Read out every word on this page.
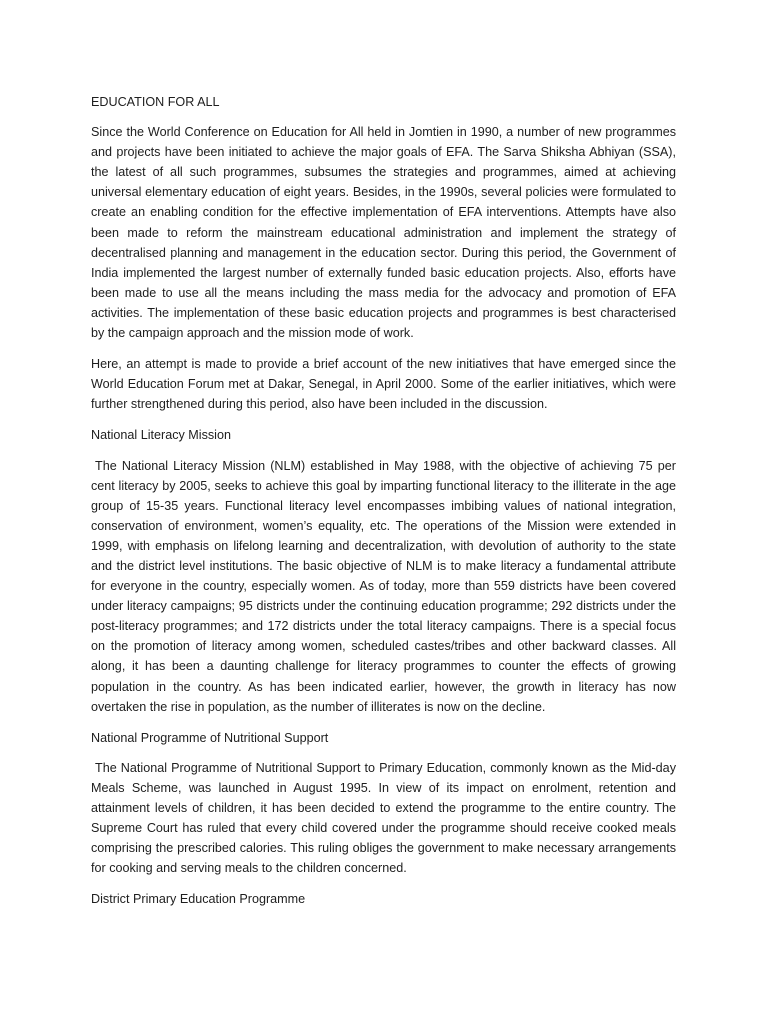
EDUCATION FOR ALL

Since the World Conference on Education for All held in Jomtien in 1990, a number of new programmes and projects have been initiated to achieve the major goals of EFA. The Sarva Shiksha Abhiyan (SSA), the latest of all such programmes, subsumes the strategies and programmes, aimed at achieving universal elementary education of eight years. Besides, in the 1990s, several policies were formulated to create an enabling condition for the effective implementation of EFA interventions. Attempts have also been made to reform the mainstream educational administration and implement the strategy of decentralised planning and management in the education sector. During this period, the Government of India implemented the largest number of externally funded basic education projects. Also, efforts have been made to use all the means including the mass media for the advocacy and promotion of EFA activities. The implementation of these basic education projects and programmes is best characterised by the campaign approach and the mission mode of work.

Here, an attempt is made to provide a brief account of the new initiatives that have emerged since the World Education Forum met at Dakar, Senegal, in April 2000. Some of the earlier initiatives, which were further strengthened during this period, also have been included in the discussion.

National Literacy Mission

The National Literacy Mission (NLM) established in May 1988, with the objective of achieving 75 per cent literacy by 2005, seeks to achieve this goal by imparting functional literacy to the illiterate in the age group of 15-35 years. Functional literacy level encompasses imbibing values of national integration, conservation of environment, women’s equality, etc. The operations of the Mission were extended in 1999, with emphasis on lifelong learning and decentralization, with devolution of authority to the state and the district level institutions. The basic objective of NLM is to make literacy a fundamental attribute for everyone in the country, especially women. As of today, more than 559 districts have been covered under literacy campaigns; 95 districts under the continuing education programme; 292 districts under the post-literacy programmes; and 172 districts under the total literacy campaigns. There is a special focus on the promotion of literacy among women, scheduled castes/tribes and other backward classes. All along, it has been a daunting challenge for literacy programmes to counter the effects of growing population in the country. As has been indicated earlier, however, the growth in literacy has now overtaken the rise in population, as the number of illiterates is now on the decline.

National Programme of Nutritional Support

The National Programme of Nutritional Support to Primary Education, commonly known as the Mid-day Meals Scheme, was launched in August 1995. In view of its impact on enrolment, retention and attainment levels of children, it has been decided to extend the programme to the entire country. The Supreme Court has ruled that every child covered under the programme should receive cooked meals comprising the prescribed calories. This ruling obliges the government to make necessary arrangements for cooking and serving meals to the children concerned.

District Primary Education Programme
